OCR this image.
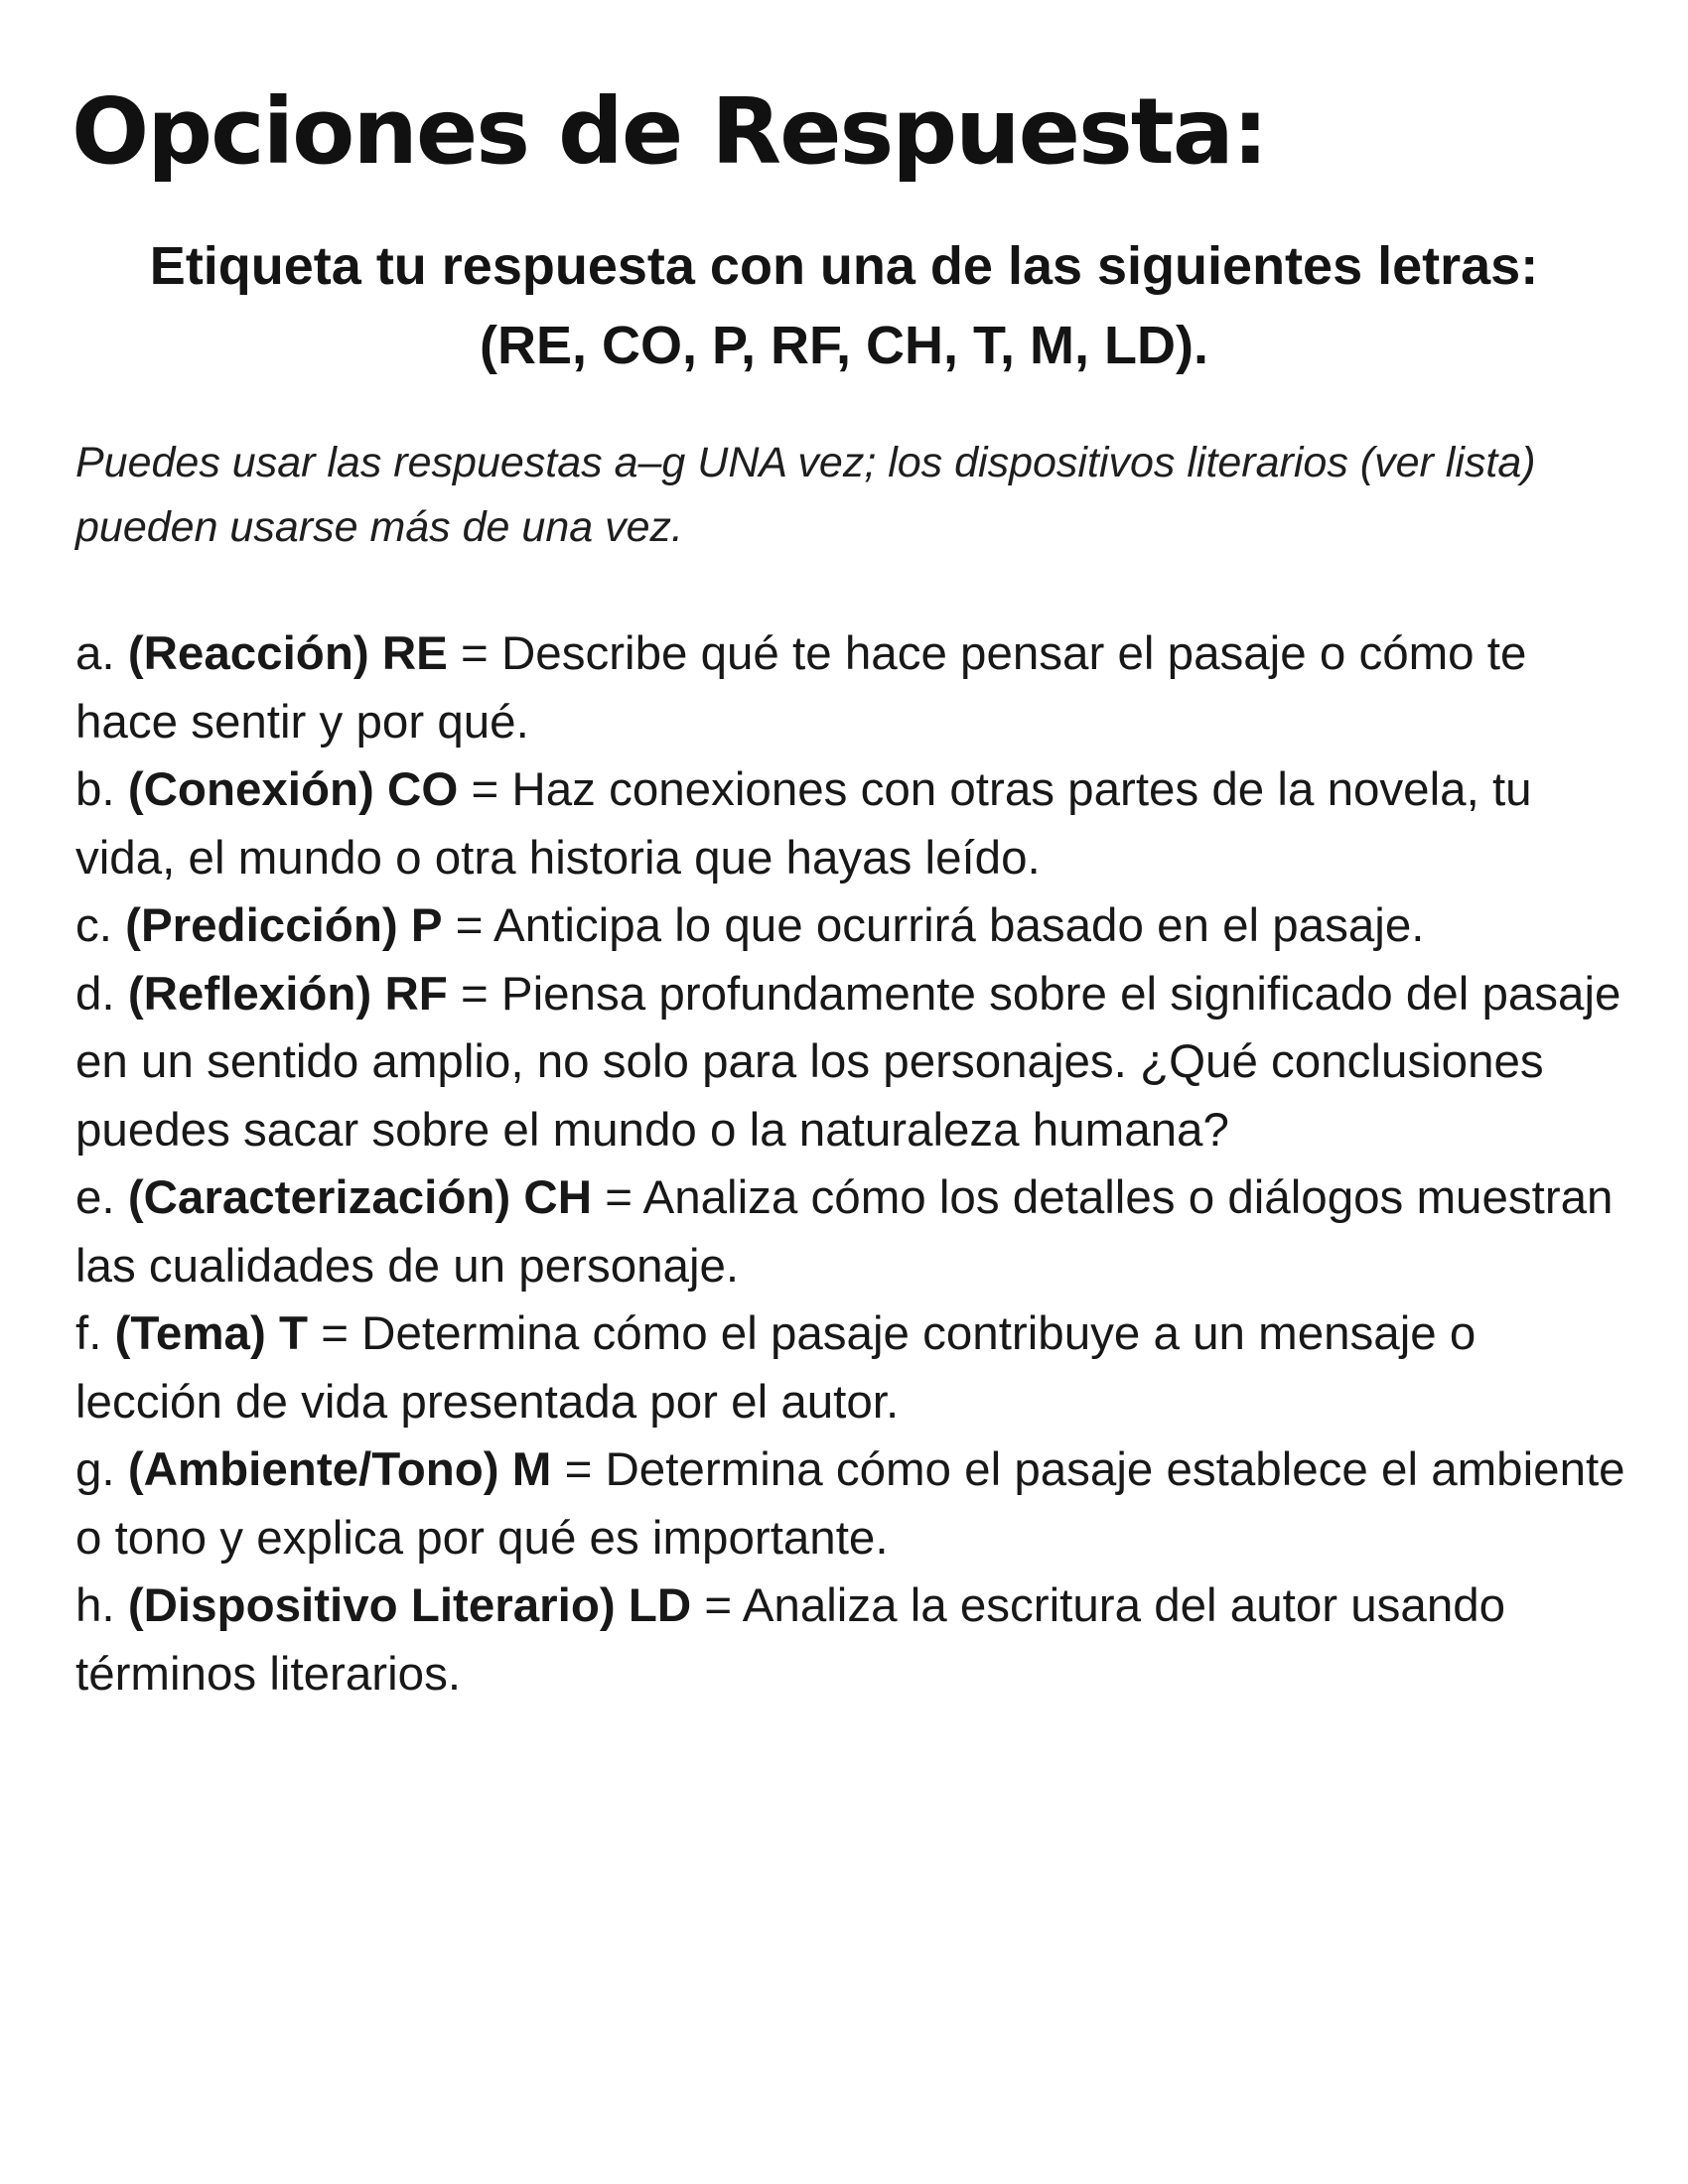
Opciones de Respuesta:
Etiqueta tu respuesta con una de las siguientes letras:
(RE, CO, P, RF, CH, T, M, LD).

Puedes usar las respuestas a–g UNA vez; los dispositivos literarios (ver lista) pueden usarse más de una vez.

a. (Reacción) RE = Describe qué te hace pensar el pasaje o cómo te hace sentir y por qué.
b. (Conexión) CO = Haz conexiones con otras partes de la novela, tu vida, el mundo o otra historia que hayas leído.
c. (Predicción) P = Anticipa lo que ocurrirá basado en el pasaje.
d. (Reflexión) RF = Piensa profundamente sobre el significado del pasaje en un sentido amplio, no solo para los personajes. ¿Qué conclusiones puedes sacar sobre el mundo o la naturaleza humana?
e. (Caracterización) CH = Analiza cómo los detalles o diálogos muestran las cualidades de un personaje.
f. (Tema) T = Determina cómo el pasaje contribuye a un mensaje o lección de vida presentada por el autor.
g. (Ambiente/Tono) M = Determina cómo el pasaje establece el ambiente o tono y explica por qué es importante.
h. (Dispositivo Literario) LD = Analiza la escritura del autor usando términos literarios.
